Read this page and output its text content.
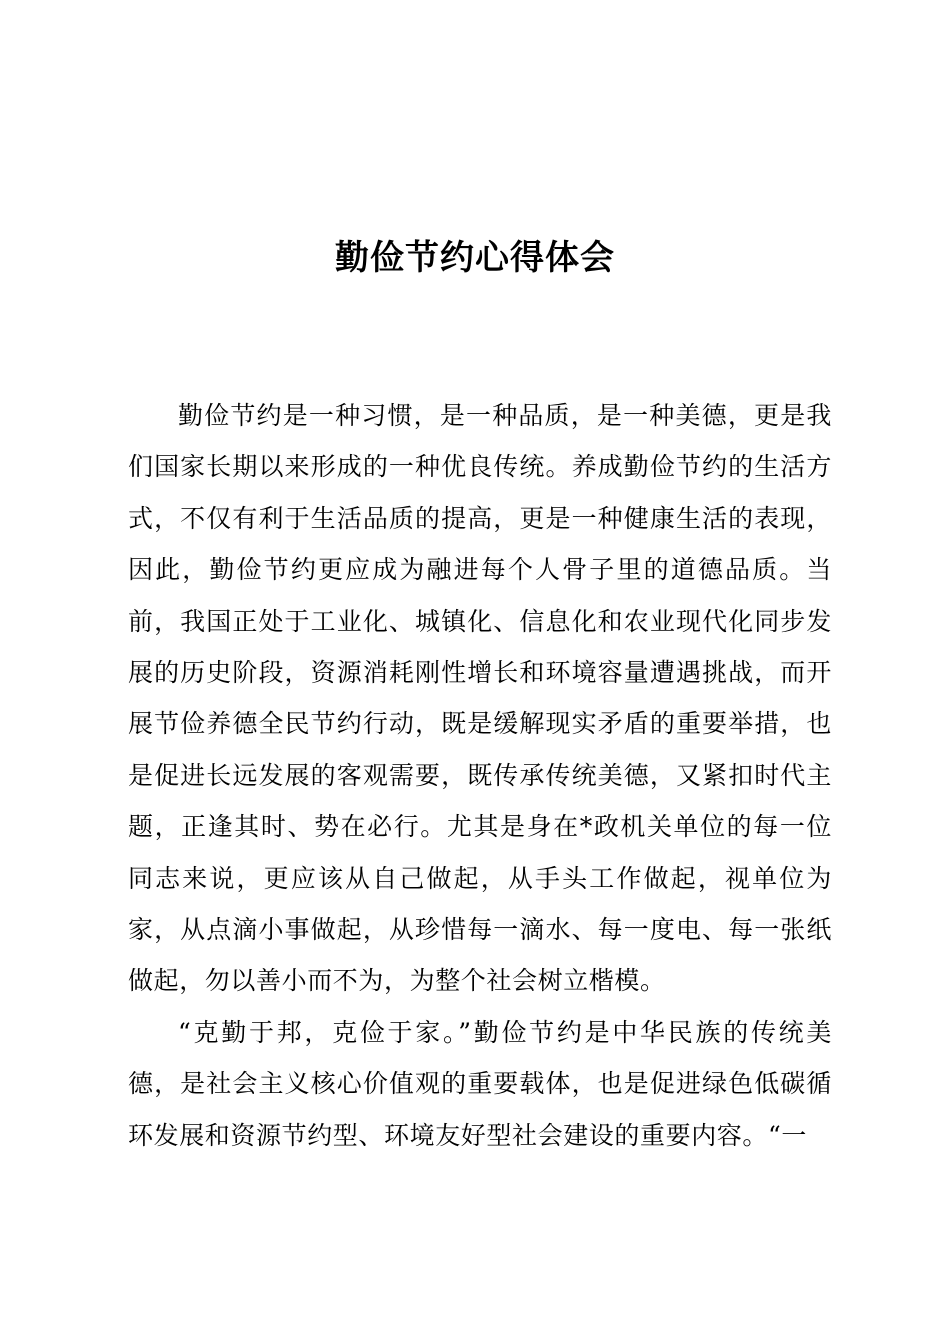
勤俭节约心得体会

勤俭节约是一种习惯，是一种品质，是一种美德，更是我们国家长期以来形成的一种优良传统。养成勤俭节约的生活方式，不仅有利于生活品质的提高，更是一种健康生活的表现，因此，勤俭节约更应成为融进每个人骨子里的道德品质。当前，我国正处于工业化、城镇化、信息化和农业现代化同步发展的历史阶段，资源消耗刚性增长和环境容量遭遇挑战，而开展节俭养德全民节约行动，既是缓解现实矛盾的重要举措，也是促进长远发展的客观需要，既传承传统美德，又紧扣时代主题，正逢其时、势在必行。尤其是身在*政机关单位的每一位同志来说，更应该从自己做起，从手头工作做起，视单位为家，从点滴小事做起，从珍惜每一滴水、每一度电、每一张纸做起，勿以善小而不为，为整个社会树立楷模。

“克勤于邦，克俭于家。”勤俭节约是中华民族的传统美德，是社会主义核心价值观的重要载体，也是促进绿色低碳循环发展和资源节约型、环境友好型社会建设的重要内容。“一
